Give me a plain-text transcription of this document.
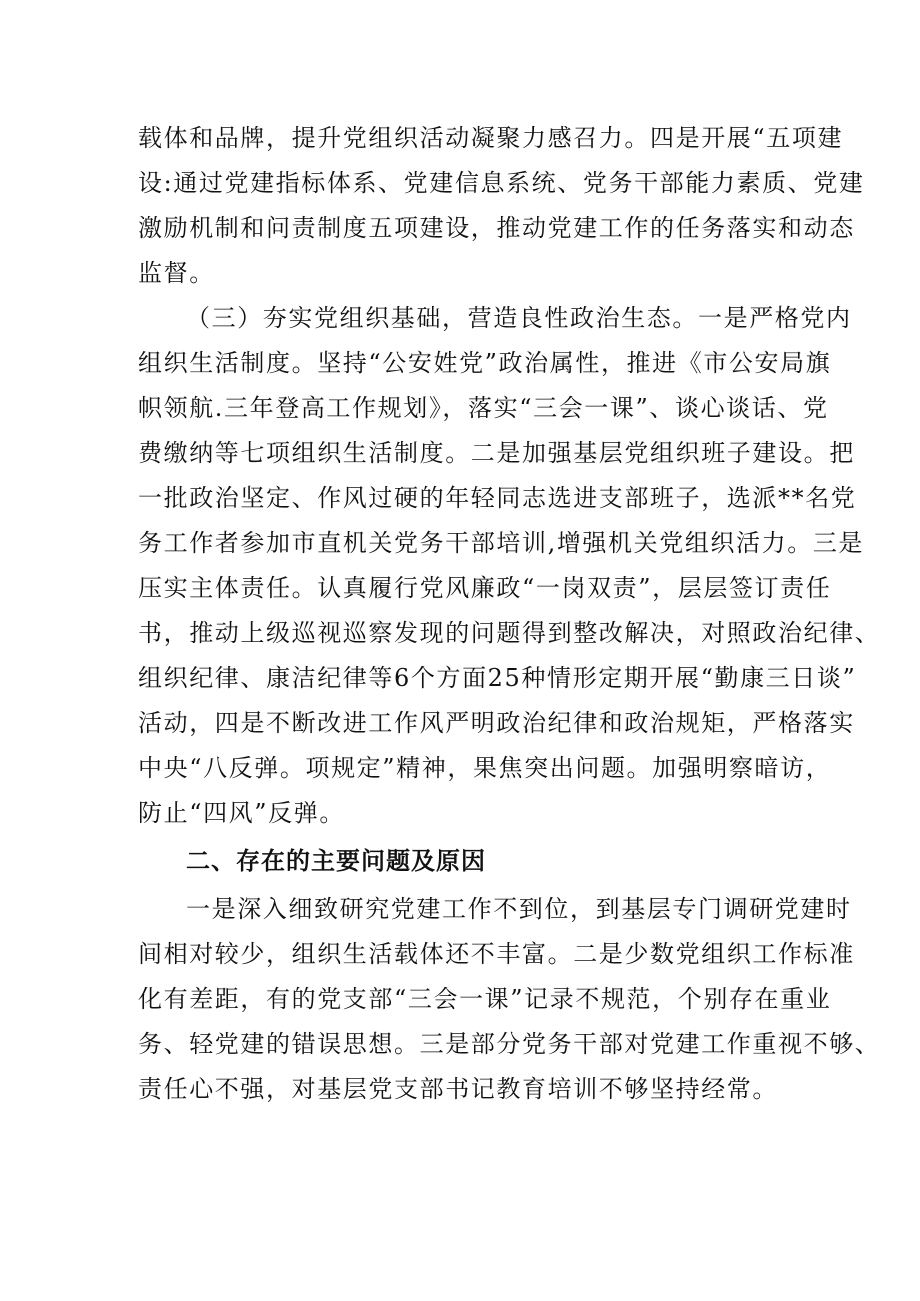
载体和品牌，提升党组织活动凝聚力感召力。四是开展“五项建
设:通过党建指标体系、党建信息系统、党务干部能力素质、党建
激励机制和问责制度五项建设，推动党建工作的任务落实和动态
监督。
（三）夯实党组织基础，营造良性政治生态。一是严格党内
组织生活制度。坚持“公安姓党”政治属性，推进《市公安局旗
帜领航.三年登高工作规划》，落实“三会一课”、谈心谈话、党
费缴纳等七项组织生活制度。二是加强基层党组织班子建设。把
一批政治坚定、作风过硬的年轻同志选进支部班子，选派**名党
务工作者参加市直机关党务干部培训,增强机关党组织活力。三是
压实主体责任。认真履行党风廉政“一岗双责”，层层签订责任
书，推动上级巡视巡察发现的问题得到整改解决，对照政治纪律、
组织纪律、康洁纪律等6个方面25种情形定期开展“勤康三日谈”
活动，四是不断改进工作风严明政治纪律和政治规矩，严格落实
中央“八反弹。项规定”精神，果焦突出问题。加强明察暗访，
防止“四风”反弹。
二、存在的主要问题及原因
一是深入细致研究党建工作不到位，到基层专门调研党建时
间相对较少，组织生活载体还不丰富。二是少数党组织工作标准
化有差距，有的党支部“三会一课”记录不规范，个别存在重业
务、轻党建的错误思想。三是部分党务干部对党建工作重视不够、
责任心不强，对基层党支部书记教育培训不够坚持经常。
